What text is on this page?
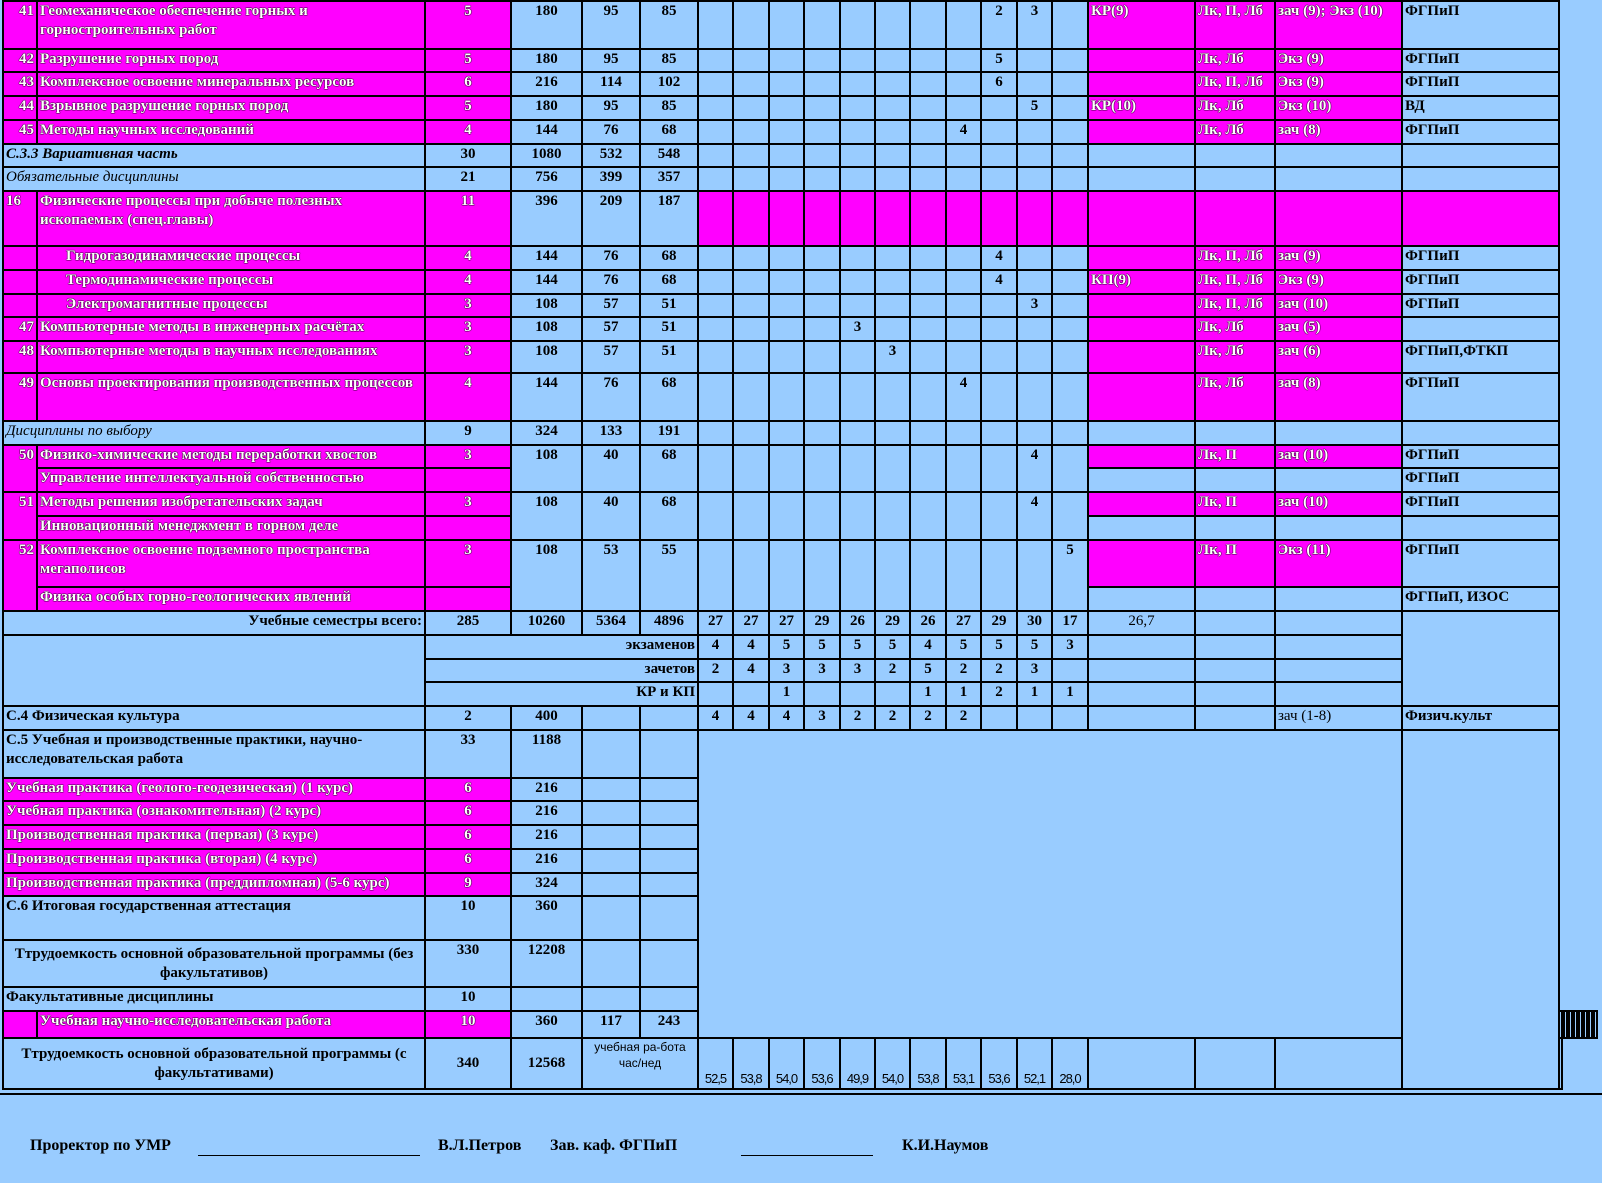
41	Геомеханическое обеспечение горных и горностроительных работ	5	180	95	85									2	3		КР(9)	Лк, П, Лб	зач (9); Экз (10)	ФГПиП															
42	Разрушение горных пород	5	180	95	85									5				Лк, Лб	Экз (9)	ФГПиП															
43	Комплексное освоение минеральных ресурсов	6	216	114	102									6				Лк, П, Лб	Экз (9)	ФГПиП															
44	Взрывное разрушение горных пород	5	180	95	85										5		КР(10)	Лк, Лб	Экз (10)	ВД															
45	Методы научных исследований	4	144	76	68								4					Лк, Лб	зач (8)	ФГПиП															
С.3.3 Вариативная часть		30	1080	532	548																														
Обязательные дисциплины		21	756	399	357																														
16	Физические процессы при добыче полезных ископаемых (спец.главы)	11	396	209	187																														
	Гидрогазодинамические процессы	4	144	76	68									4				Лк, П, Лб	зач (9)	ФГПиП															
	Термодинамические процессы	4	144	76	68									4			КП(9)	Лк, П, Лб	Экз (9)	ФГПиП															
	Электромагнитные процессы	3	108	57	51										3			Лк, П, Лб	зач (10)	ФГПиП															
47	Компьютерные методы в инженерных расчётах	3	108	57	51					3								Лк, Лб	зач (5)																
48	Компьютерные методы в научных исследованиях	3	108	57	51						3							Лк, Лб	зач (6)	ФГПиП,ФТКП															
49	Основы проектирования производственных процессов	4	144	76	68								4					Лк, Лб	зач (8)	ФГПиП															
Дисциплины по выбору		9	324	133	191																														
50	Физико-химические методы переработки хвостов	3	108	40	68										4			Лк, П	зач (10)	ФГПиП															
	Управление интеллектуальной собственностью																			ФГПиП															
51	Методы решения изобретательских задач	3	108	40	68										4			Лк, П	зач (10)	ФГПиП															
	Инновационный менеджмент в горном деле																																		
52	Комплексное освоение подземного пространства мегаполисов	3	108	53	55											5		Лк, П	Экз (11)	ФГПиП															
	Физика особых горно-геологических явлений																			ФГПиП, ИЗОС															
Учебные семестры всего:		285	10260	5364	4896	27	27	27	29	26	29	26	27	29	30	17	26,7																		
		экзаменов				4	4	5	5	5	5	4	5	5	5	3																			
		зачетов				2	4	3	3	3	2	5	2	2	3																				
		КР и КП						1				1	1	2	1	1																			
С.4 Физическая культура		2	400			4	4	4	3	2	2	2	2						зач (1-8)	Физич.культ															
С.5 Учебная и производственные практики, научно-исследовательская работа		33	1188																																
Учебная практика (геолого-геодезическая) (1 курс)		6	216																																
Учебная практика (ознакомительная) (2 курс)		6	216																																
Производственная практика (первая) (3 курс)		6	216																																
Производственная практика (вторая) (4 курс)		6	216																																
Производственная практика (преддипломная) (5-6 курс)		9	324																																
С.6 Итоговая государственная аттестация		10	360																																
Ттрудоемкость основной образовательной программы (без факультативов)		330	12208																																
Факультативные дисциплины		10																																	
	Учебная научно-исследовательская работа	10	360	117	243															
Ттрудоемкость основной образовательной программы (с факультативами)		340	12568	учебная ра-бота час/нед		52,5	53,8	54,0	53,6	49,9	54,0	53,8	53,1	53,6	52,1	28,0																			
Проректор по УМР	В.Л.Петров Зав. каф. ФГПиП	К.И.Наумов
